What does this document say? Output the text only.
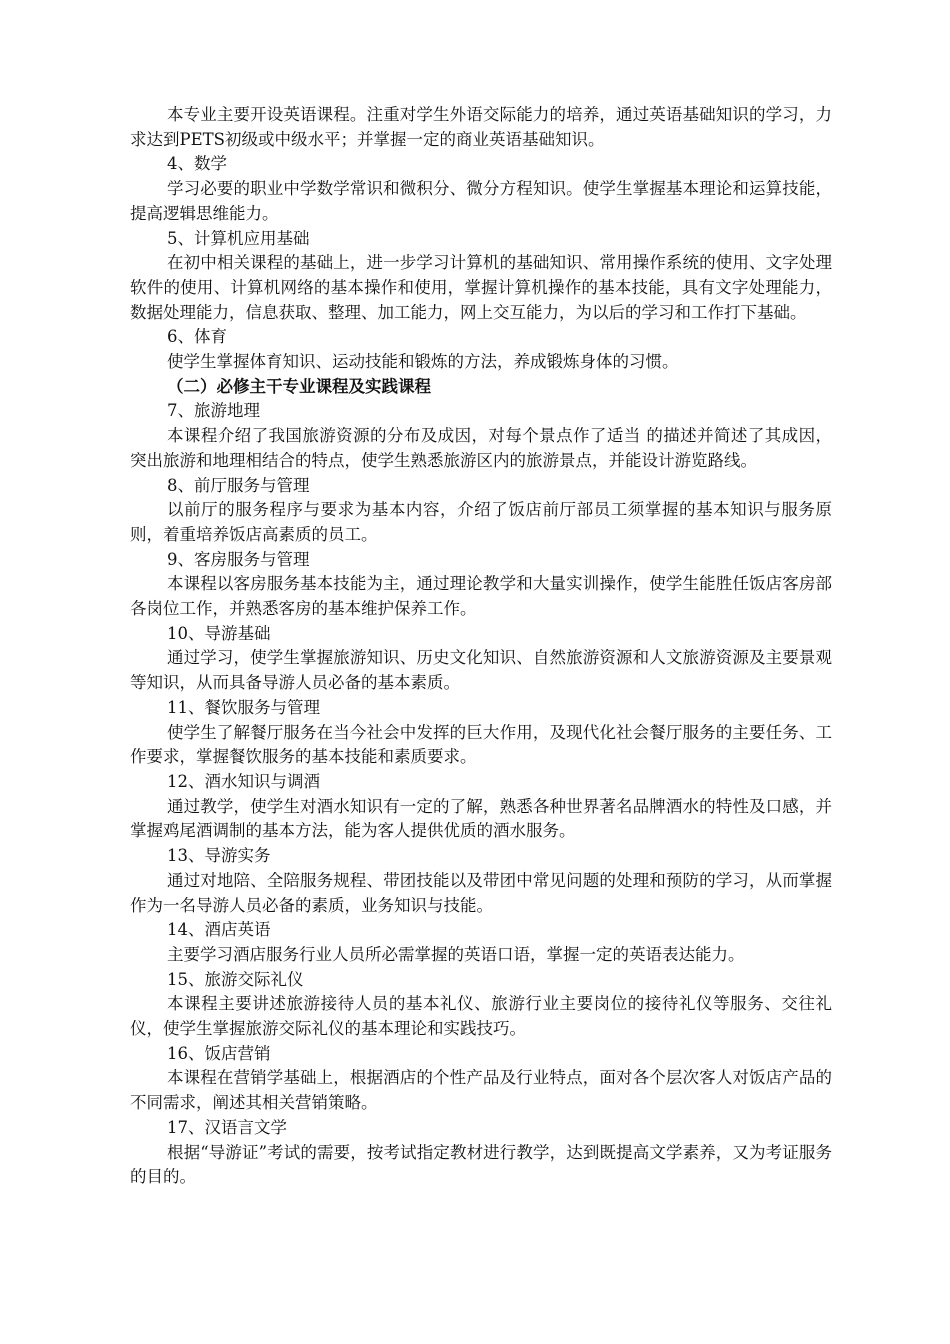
本专业主要开设英语课程。注重对学生外语交际能力的培养，通过英语基础知识的学习，力求达到PETS初级或中级水平；并掌握一定的商业英语基础知识。

4、数学

学习必要的职业中学数学常识和微积分、微分方程知识。使学生掌握基本理论和运算技能，提高逻辑思维能力。

5、计算机应用基础

在初中相关课程的基础上，进一步学习计算机的基础知识、常用操作系统的使用、文字处理软件的使用、计算机网络的基本操作和使用，掌握计算机操作的基本技能，具有文字处理能力，数据处理能力，信息获取、整理、加工能力，网上交互能力，为以后的学习和工作打下基础。

6、体育

使学生掌握体育知识、运动技能和锻炼的方法，养成锻炼身体的习惯。

（二）必修主干专业课程及实践课程

7、旅游地理

本课程介绍了我国旅游资源的分布及成因，对每个景点作了适当 的描述并简述了其成因，突出旅游和地理相结合的特点，使学生熟悉旅游区内的旅游景点，并能设计游览路线。

8、前厅服务与管理

以前厅的服务程序与要求为基本内容，介绍了饭店前厅部员工须掌握的基本知识与服务原则，着重培养饭店高素质的员工。

9、客房服务与管理

本课程以客房服务基本技能为主，通过理论教学和大量实训操作，使学生能胜任饭店客房部各岗位工作，并熟悉客房的基本维护保养工作。

10、导游基础

通过学习，使学生掌握旅游知识、历史文化知识、自然旅游资源和人文旅游资源及主要景观等知识，从而具备导游人员必备的基本素质。

11、餐饮服务与管理

使学生了解餐厅服务在当今社会中发挥的巨大作用，及现代化社会餐厅服务的主要任务、工作要求，掌握餐饮服务的基本技能和素质要求。

12、酒水知识与调酒

通过教学，使学生对酒水知识有一定的了解，熟悉各种世界著名品牌酒水的特性及口感，并掌握鸡尾酒调制的基本方法，能为客人提供优质的酒水服务。

13、导游实务

通过对地陪、全陪服务规程、带团技能以及带团中常见问题的处理和预防的学习，从而掌握作为一名导游人员必备的素质，业务知识与技能。

14、酒店英语

主要学习酒店服务行业人员所必需掌握的英语口语，掌握一定的英语表达能力。

15、旅游交际礼仪

本课程主要讲述旅游接待人员的基本礼仪、旅游行业主要岗位的接待礼仪等服务、交往礼仪，使学生掌握旅游交际礼仪的基本理论和实践技巧。

16、饭店营销

本课程在营销学基础上，根据酒店的个性产品及行业特点，面对各个层次客人对饭店产品的不同需求，阐述其相关营销策略。

17、汉语言文学

根据“导游证”考试的需要，按考试指定教材进行教学，达到既提高文学素养，又为考证服务的目的。
